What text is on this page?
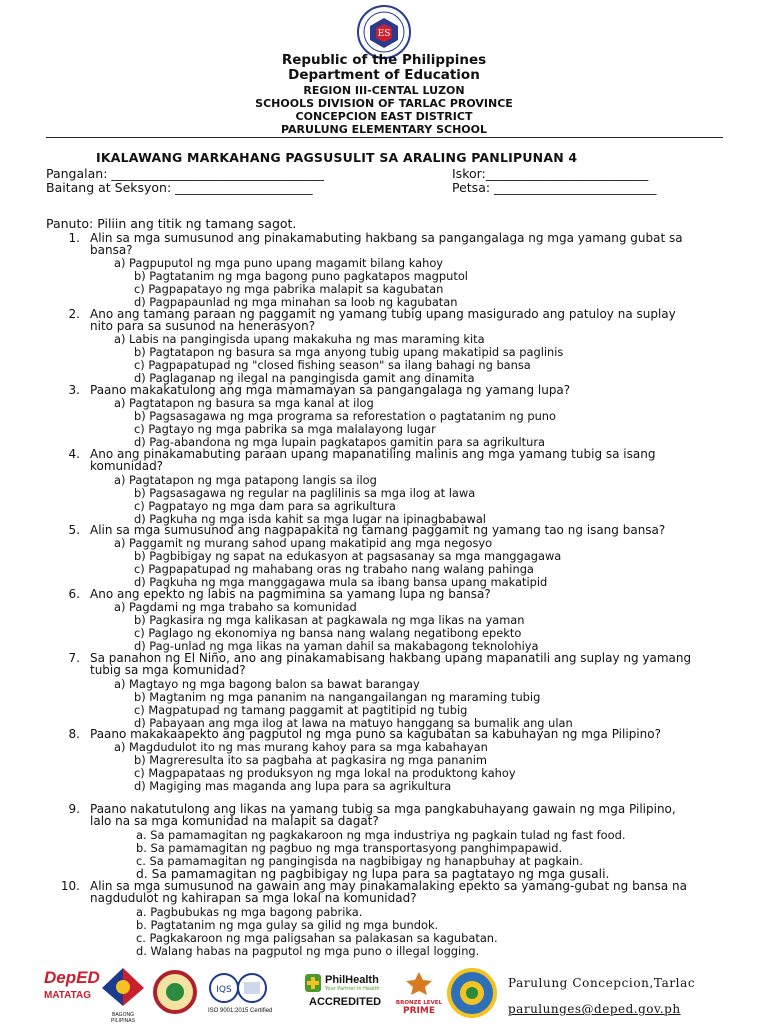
ES
Republic of the Philippines
Department of Education
REGION III-CENTAL LUZON
SCHOOLS DIVISION OF TARLAC PROVINCE
CONCEPCION EAST DISTRICT
PARULUNG ELEMENTARY SCHOOL
IKALAWANG MARKAHANG PAGSUSULIT SA ARALING PANLIPUNAN 4
Pangalan: __________________________________	Iskor:__________________________
Baitang at Seksyon: ______________________	Petsa: __________________________
Panuto: Piliin ang titik ng tamang sagot.
1. Alin sa mga sumusunod ang pinakamabuting hakbang sa pangangalaga ng mga yamang gubat sa
bansa?
a) Pagpuputol ng mga puno upang magamit bilang kahoy
b) Pagtatanim ng mga bagong puno pagkatapos magputol
c) Pagpapatayo ng mga pabrika malapit sa kagubatan
d) Pagpapaunlad ng mga minahan sa loob ng kagubatan
2. Ano ang tamang paraan ng paggamit ng yamang tubig upang masigurado ang patuloy na suplay
nito para sa susunod na henerasyon?
a) Labis na pangingisda upang makakuha ng mas maraming kita
b) Pagtatapon ng basura sa mga anyong tubig upang makatipid sa paglinis
c) Pagpapatupad ng "closed fishing season" sa ilang bahagi ng bansa
d) Paglaganap ng ilegal na pangingisda gamit ang dinamita
3. Paano makakatulong ang mga mamamayan sa pangangalaga ng yamang lupa?
a) Pagtatapon ng basura sa mga kanal at ilog
b) Pagsasagawa ng mga programa sa reforestation o pagtatanim ng puno
c) Pagtayo ng mga pabrika sa mga malalayong lugar
d) Pag-abandona ng mga lupain pagkatapos gamitin para sa agrikultura
4. Ano ang pinakamabuting paraan upang mapanatiling malinis ang mga yamang tubig sa isang
komunidad?
a) Pagtatapon ng mga patapong langis sa ilog
b) Pagsasagawa ng regular na paglilinis sa mga ilog at lawa
c) Pagpatayo ng mga dam para sa agrikultura
d) Pagkuha ng mga isda kahit sa mga lugar na ipinagbabawal
5. Alin sa mga sumusunod ang nagpapakita ng tamang paggamit ng yamang tao ng isang bansa?
a) Paggamit ng murang sahod upang makatipid ang mga negosyo
b) Pagbibigay ng sapat na edukasyon at pagsasanay sa mga manggagawa
c) Pagpapatupad ng mahabang oras ng trabaho nang walang pahinga
d) Pagkuha ng mga manggagawa mula sa ibang bansa upang makatipid
6. Ano ang epekto ng labis na pagmimina sa yamang lupa ng bansa?
a) Pagdami ng mga trabaho sa komunidad
b) Pagkasira ng mga kalikasan at pagkawala ng mga likas na yaman
c) Paglago ng ekonomiya ng bansa nang walang negatibong epekto
d) Pag-unlad ng mga likas na yaman dahil sa makabagong teknolohiya
7. Sa panahon ng El Niño, ano ang pinakamabisang hakbang upang mapanatili ang suplay ng yamang
tubig sa mga komunidad?
a) Magtayo ng mga bagong balon sa bawat barangay
b) Magtanim ng mga pananim na nangangailangan ng maraming tubig
c) Magpatupad ng tamang paggamit at pagtitipid ng tubig
d) Pabayaan ang mga ilog at lawa na matuyo hanggang sa bumalik ang ulan
8. Paano makakaapekto ang pagputol ng mga puno sa kagubatan sa kabuhayan ng mga Pilipino?
a) Magdudulot ito ng mas murang kahoy para sa mga kabahayan
b) Magreresulta ito sa pagbaha at pagkasira ng mga pananim
c) Magpapataas ng produksyon ng mga lokal na produktong kahoy
d) Magiging mas maganda ang lupa para sa agrikultura
9. Paano nakatutulong ang likas na yamang tubig sa mga pangkabuhayang gawain ng mga Pilipino,
lalo na sa mga komunidad na malapit sa dagat?
a. Sa pamamagitan ng pagkakaroon ng mga industriya ng pagkain tulad ng fast food.
b. Sa pamamagitan ng pagbuo ng mga transportasyong panghimpapawid.
c. Sa pamamagitan ng pangingisda na nagbibigay ng hanapbuhay at pagkain.
d. Sa pamamagitan ng pagbibigay ng lupa para sa pagtatayo ng mga gusali.
10. Alin sa mga sumusunod na gawain ang may pinakamalaking epekto sa yamang-gubat ng bansa na
nagdudulot ng kahirapan sa mga lokal na komunidad?
a. Pagbubukas ng mga bagong pabrika.
b. Pagtatanim ng mga gulay sa gilid ng mga bundok.
c. Pagkakaroon ng mga paligsahan sa palakasan sa kagubatan.
d. Walang habas na pagputol ng mga puno o illegal logging.
DepED
MATATAG
BAGONG PILIPINAS
IQS
ISO 9001:2015 Certified
PhilHealth
Your Partner in Health
ACCREDITED	BRONZE LEVEL
PRIME
Parulung Concepcion,Tarlac
parulunges@deped.gov.ph
